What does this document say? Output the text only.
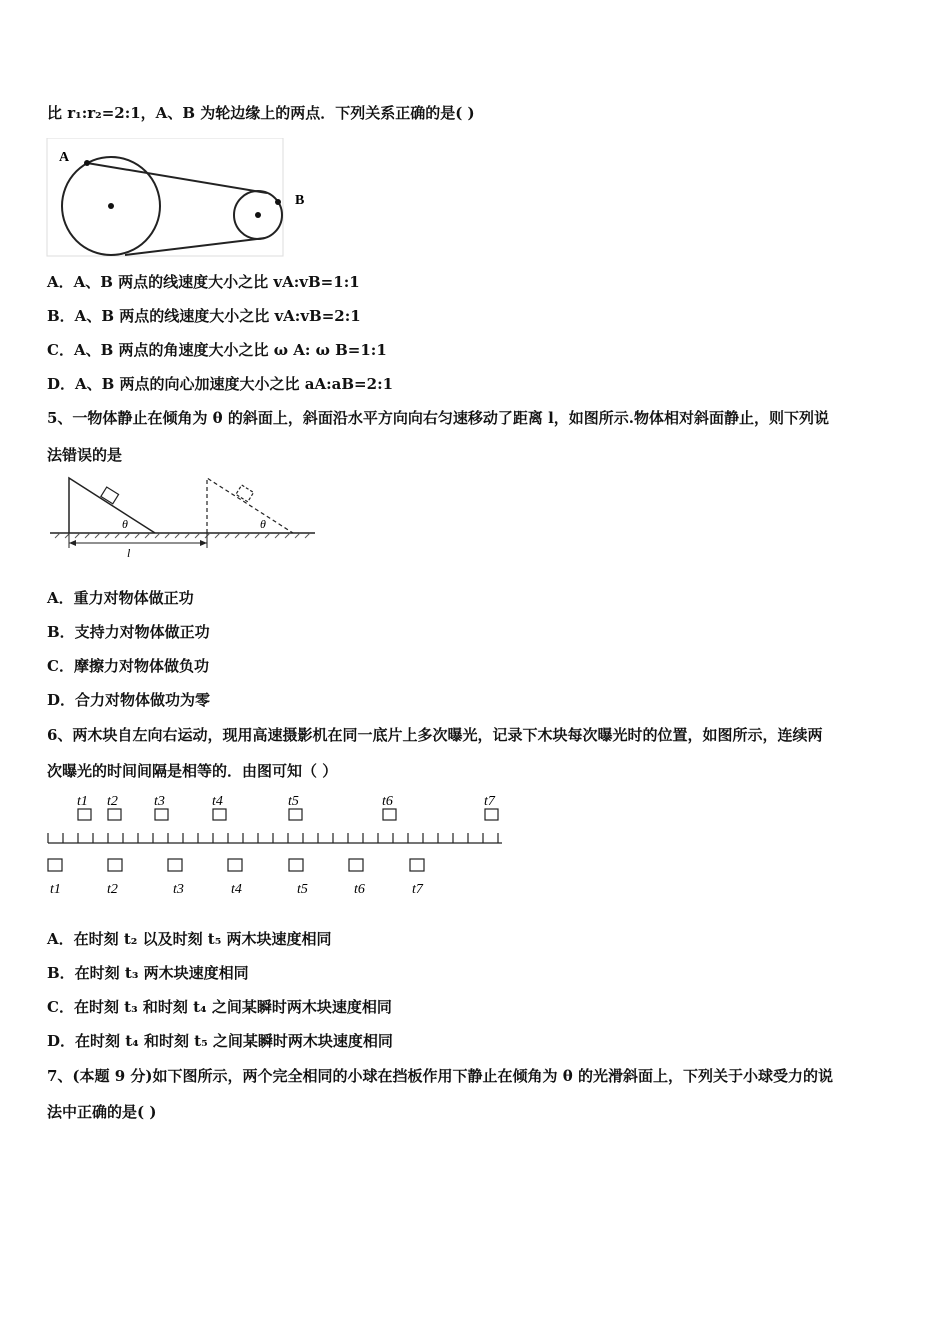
比 r₁:r₂=2:1，A、B 为轮边缘上的两点．下列关系正确的是( )
A
B
A．A、B 两点的线速度大小之比 vA:vB=1:1
B．A、B 两点的线速度大小之比 vA:vB=2:1
C．A、B 两点的角速度大小之比 ω A: ω B=1:1
D．A、B 两点的向心加速度大小之比 aA:aB=2:1
5、一物体静止在倾角为 θ 的斜面上，斜面沿水平方向向右匀速移动了距离 l，如图所示.物体相对斜面静止，则下列说
法错误的是
θ	θ
l
A．重力对物体做正功
B．支持力对物体做正功
C．摩擦力对物体做负功
D．合力对物体做功为零
6、两木块自左向右运动，现用高速摄影机在同一底片上多次曝光，记录下木块每次曝光时的位置，如图所示，连续两
次曝光的时间间隔是相等的．由图可知（ ）
t1 t2	t3	t4	t5	t6	t7
t1	t2	t3	t4	t5	t6	t7
A．在时刻 t₂ 以及时刻 t₅ 两木块速度相同
B．在时刻 t₃ 两木块速度相同
C．在时刻 t₃ 和时刻 t₄ 之间某瞬时两木块速度相同
D．在时刻 t₄ 和时刻 t₅ 之间某瞬时两木块速度相同
7、(本题 9 分)如下图所示，两个完全相同的小球在挡板作用下静止在倾角为 θ 的光滑斜面上，下列关于小球受力的说
法中正确的是( )
